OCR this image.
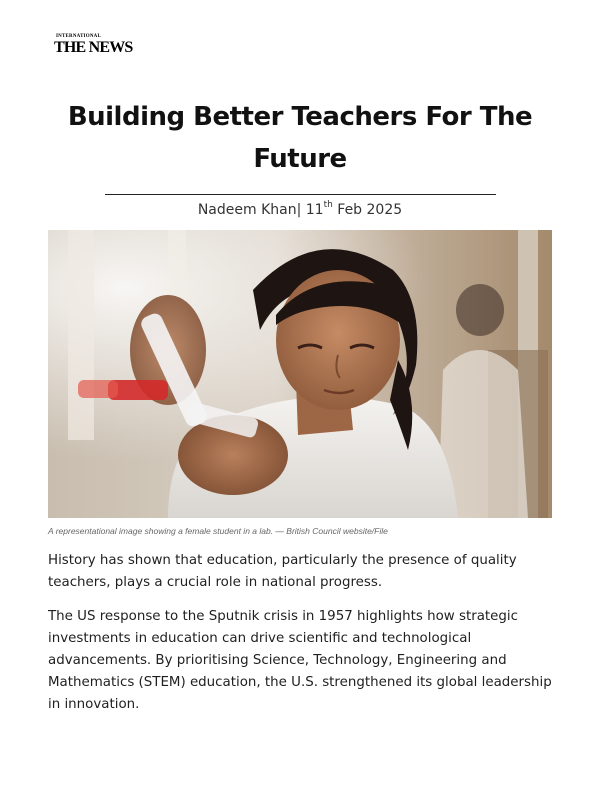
INTERNATIONAL
THE NEWS
Building Better Teachers For The Future
Nadeem Khan| 11th Feb 2025
A representational image showing a female student in a lab. — British Council website/File

History has shown that education, particularly the presence of quality teachers, plays a crucial role in national progress.

The US response to the Sputnik crisis in 1957 highlights how strategic investments in education can drive scientific and technological advancements. By prioritising Science, Technology, Engineering and Mathematics (STEM) education, the U.S. strengthened its global leadership in innovation.
